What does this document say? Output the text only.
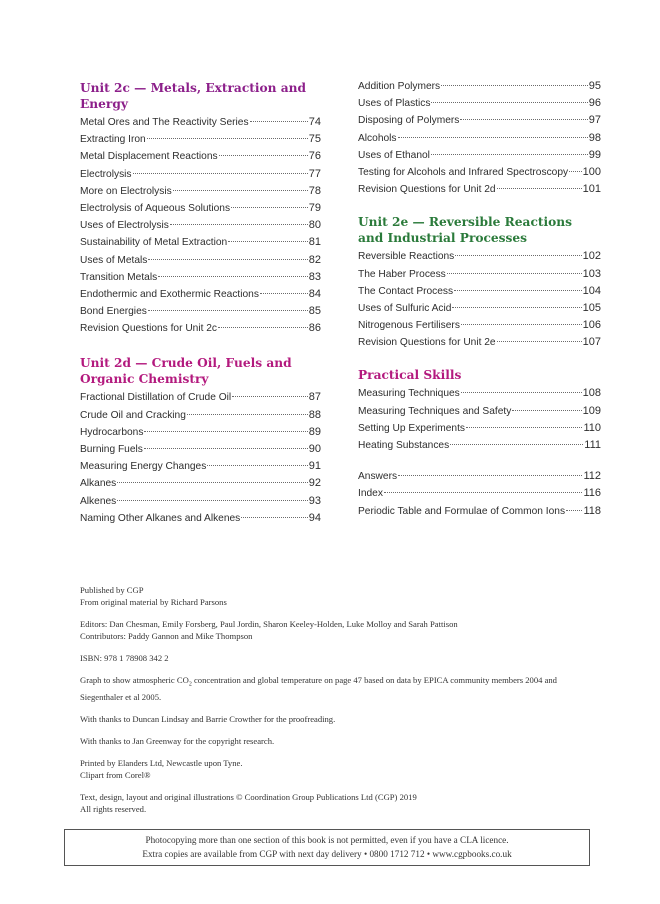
Unit 2c — Metals, Extraction and Energy
Metal Ores and The Reactivity Series	74
Extracting Iron	75
Metal Displacement Reactions	76
Electrolysis	77
More on Electrolysis	78
Electrolysis of Aqueous Solutions	79
Uses of Electrolysis	80
Sustainability of Metal Extraction	81
Uses of Metals	82
Transition Metals	83
Endothermic and Exothermic Reactions	84
Bond Energies	85
Revision Questions for Unit 2c	86
Unit 2d — Crude Oil, Fuels and Organic Chemistry
Fractional Distillation of Crude Oil	87
Crude Oil and Cracking	88
Hydrocarbons	89
Burning Fuels	90
Measuring Energy Changes	91
Alkanes	92
Alkenes	93
Naming Other Alkanes and Alkenes	94
Addition Polymers	95
Uses of Plastics	96
Disposing of Polymers	97
Alcohols	98
Uses of Ethanol	99
Testing for Alcohols and Infrared Spectroscopy 100
Revision Questions for Unit 2d	101
Unit 2e — Reversible Reactions and Industrial Processes
Reversible Reactions	102
The Haber Process	103
The Contact Process	104
Uses of Sulfuric Acid	105
Nitrogenous Fertilisers	106
Revision Questions for Unit 2e	107
Practical Skills
Measuring Techniques	108
Measuring Techniques and Safety	109
Setting Up Experiments	110
Heating Substances	111
Answers	112
Index	116
Periodic Table and Formulae of Common Ions 118

Published by CGP

From original material by Richard Parsons

Editors: Dan Chesman, Emily Forsberg, Paul Jordin, Sharon Keeley-Holden, Luke Molloy and Sarah Pattison

Contributors: Paddy Gannon and Mike Thompson

ISBN: 978 1 78908 342 2

Graph to show atmospheric $CO_2$ concentration and global temperature on page 47 based on data by EPICA community members 2004 and Siegenthaler et al 2005.

With thanks to Duncan Lindsay and Barrie Crowther for the proofreading.

With thanks to Jan Greenway for the copyright research.

Printed by Elanders Ltd, Newcastle upon Tyne.

Clipart from Corel®

Text, design, layout and original illustrations © Coordination Group Publications Ltd (CGP) 2019

All rights reserved.

Photocopying more than one section of this book is not permitted, even if you have a CLA licence.
Extra copies are available from CGP with next day delivery • 0800 1712 712 • www.cgpbooks.co.uk
